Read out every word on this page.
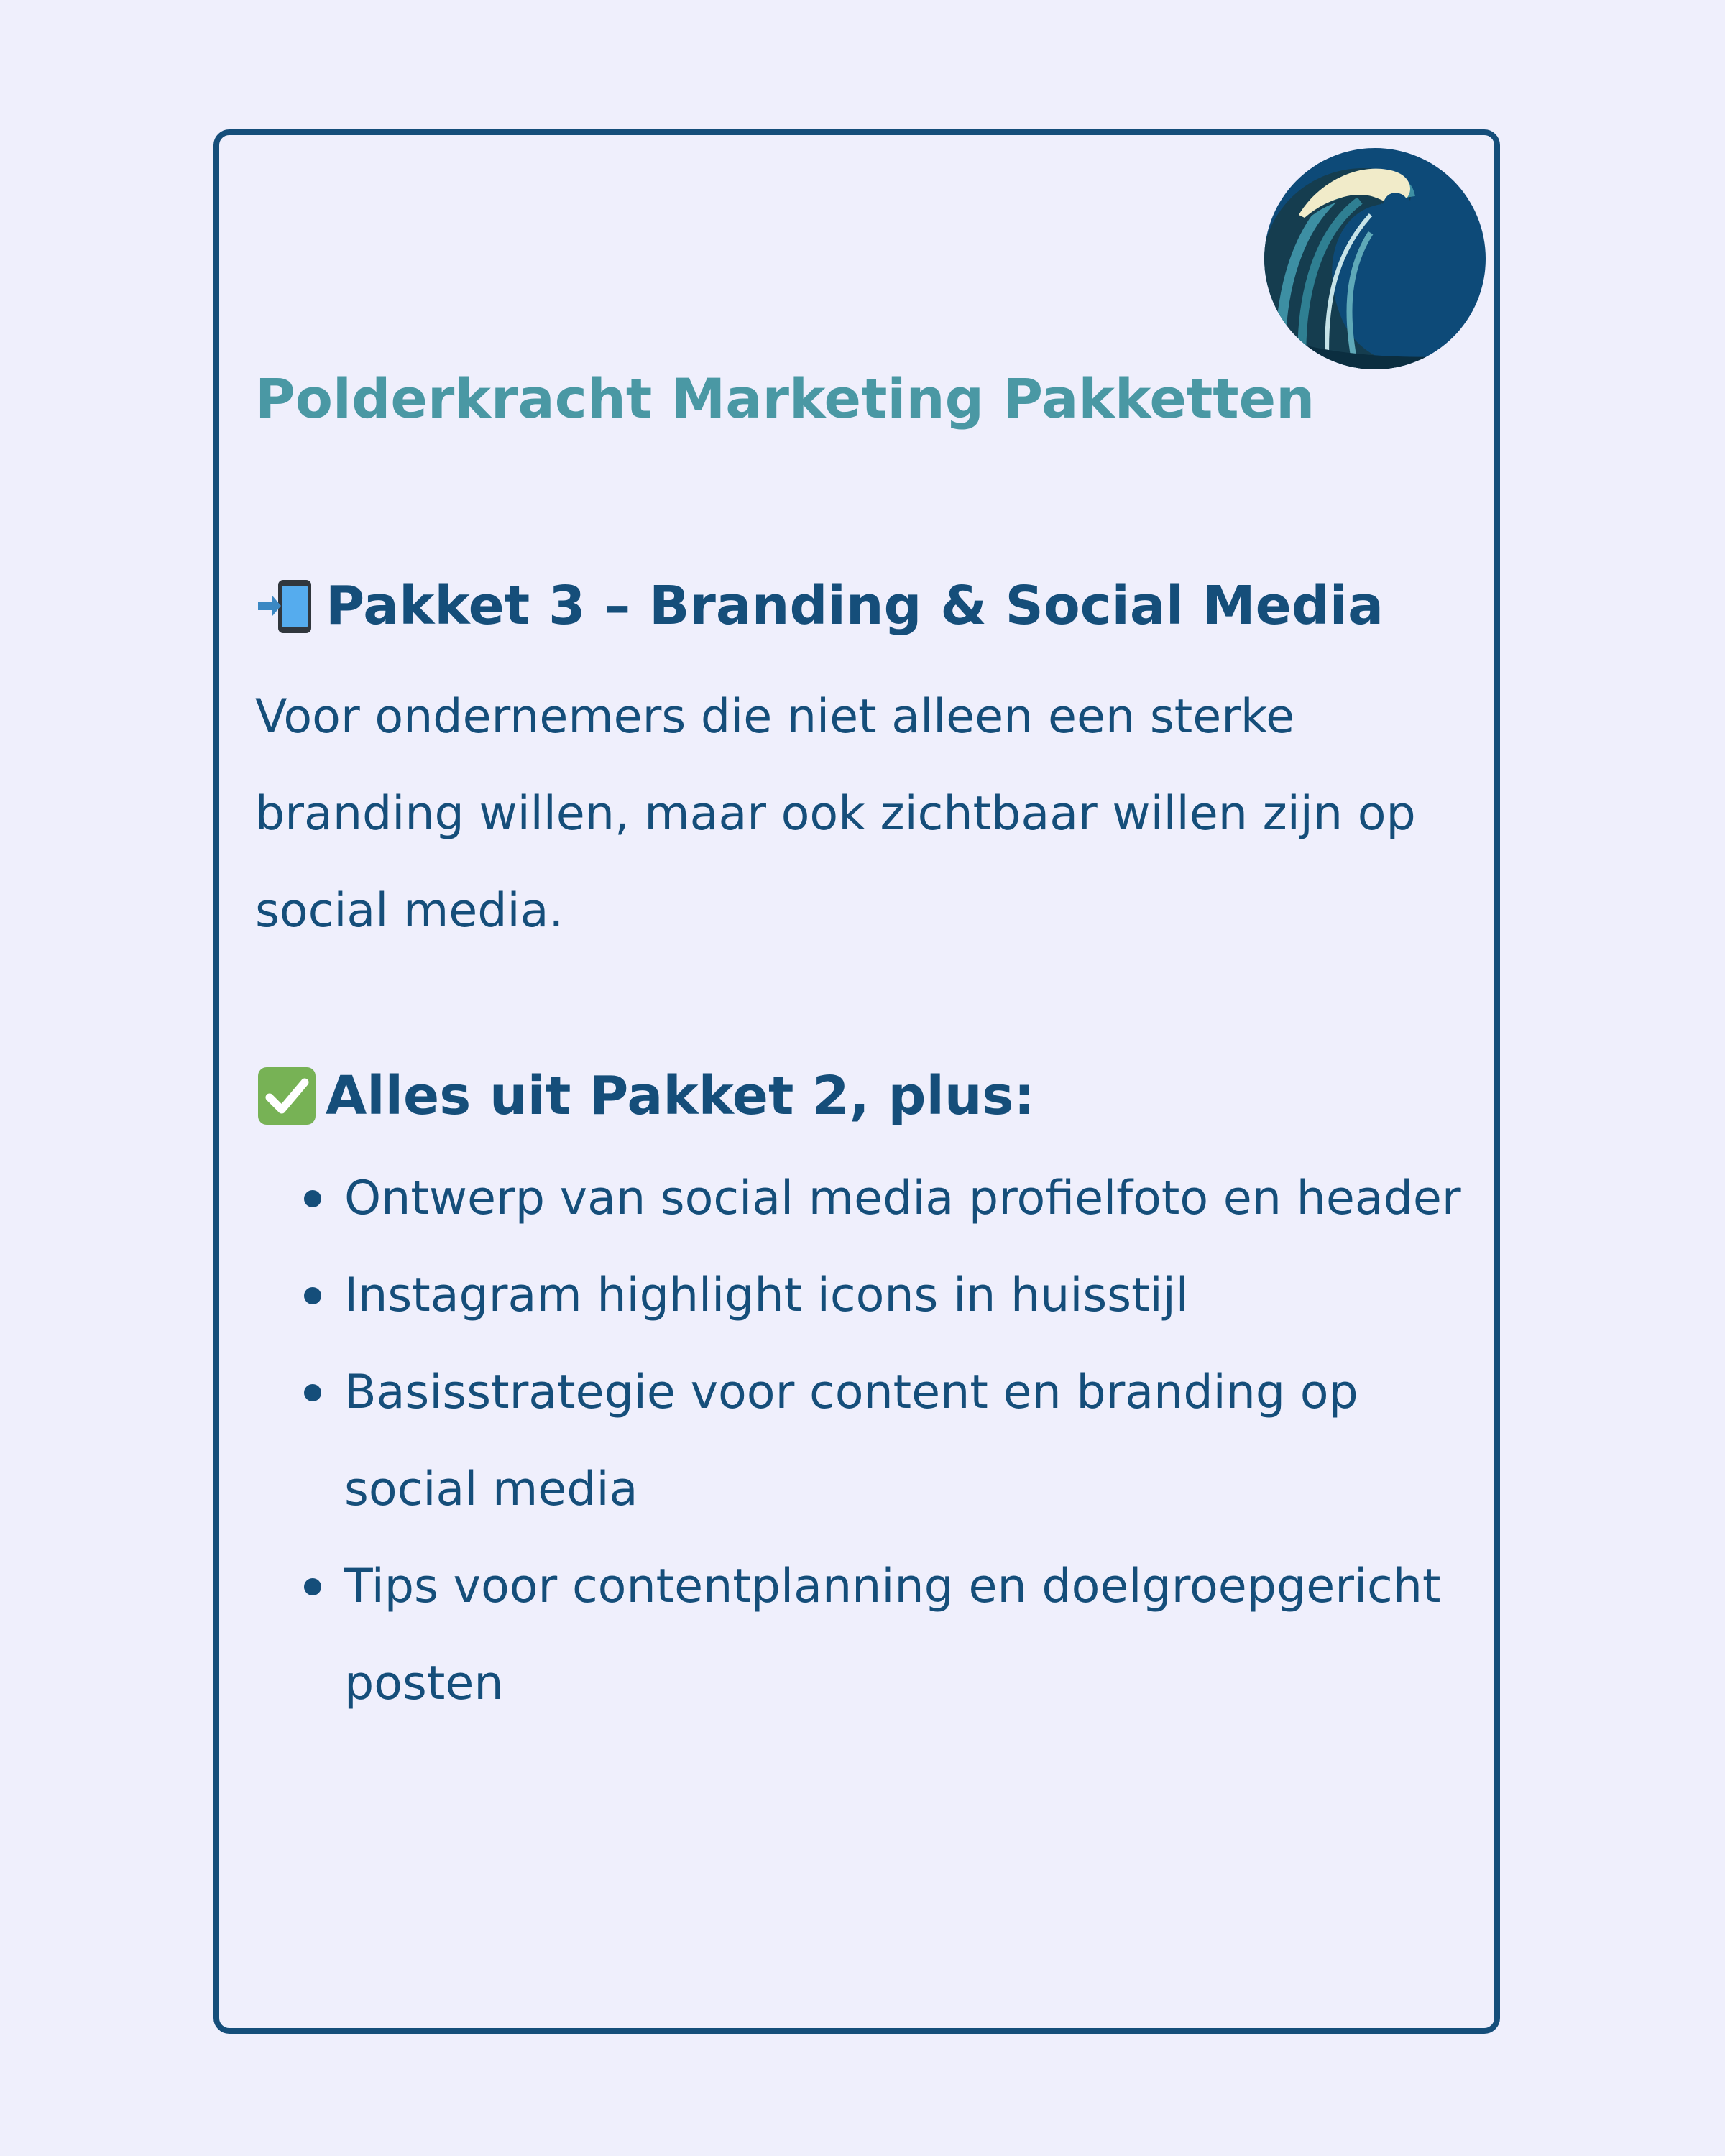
Polderkracht Marketing Pakketten
Pakket 3 – Branding & Social Media

Voor ondernemers die niet alleen een sterke branding willen, maar ook zichtbaar willen zijn op social media.

Alles uit Pakket 2, plus:
Ontwerp van social media profielfoto en header
Instagram highlight icons in huisstijl
Basisstrategie voor content en branding op social media
Tips voor contentplanning en doelgroepgericht posten
